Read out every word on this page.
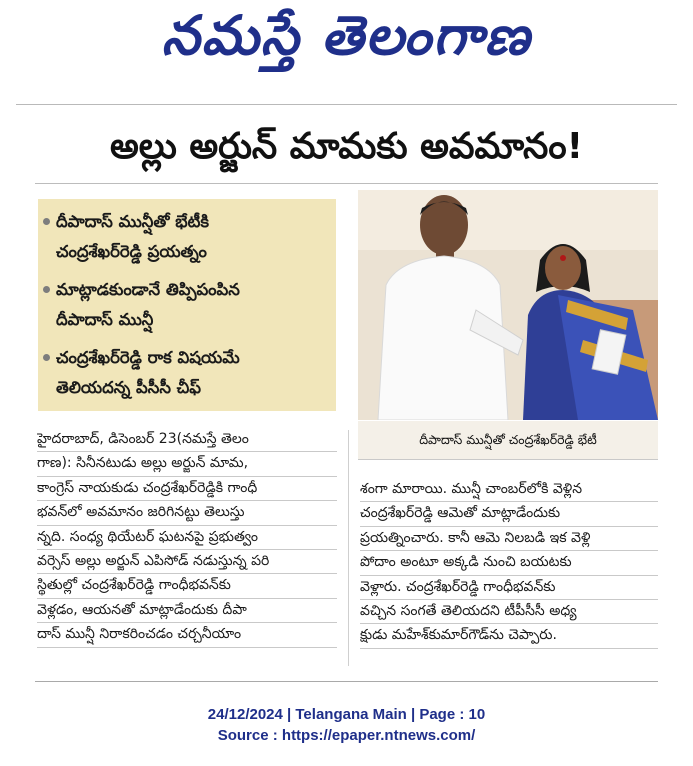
నమస్తే తెలంగాణ
అల్లు అర్జున్ మామకు అవమానం!
దీపాదాస్ మున్షీతో భేటీకి
చంద్రశేఖర్‌రెడ్డి ప్రయత్నం
మాట్లాడకుండానే తిప్పిపంపిన
దీపాదాస్ మున్షీ
చంద్రశేఖర్‌రెడ్డి రాక విషయమే
తెలియదన్న పీసీసీ చీఫ్
దీపాదాస్ మున్షీతో చంద్రశేఖర్‌రెడ్డి భేటీ
హైదరాబాద్, డిసెంబర్ 23(నమస్తే తెలం
గాణ): సినీనటుడు అల్లు అర్జున్ మామ,
కాంగ్రెస్ నాయకుడు చంద్రశేఖర్‌రెడ్డికి గాంధీ
భవన్‌లో అవమానం జరిగినట్టు తెలుస్తు
న్నది. సంధ్య థియేటర్ ఘటనపై ప్రభుత్వం
వర్సెస్ అల్లు అర్జున్ ఎపిసోడ్ నడుస్తున్న పరి
స్థితుల్లో చంద్రశేఖర్‌రెడ్డి గాంధీభవన్‌కు
వెళ్లడం, ఆయనతో మాట్లాడేందుకు దీపా
దాస్ మున్షీ నిరాకరించడం చర్చనీయాం
శంగా మారాయి. మున్షీ చాంబర్‌లోకి వెళ్లిన
చంద్రశేఖర్‌రెడ్డి ఆమెతో మాట్లాడేందుకు
ప్రయత్నించారు. కానీ ఆమె నిలబడి ఇక వెళ్లి
పోదాం అంటూ అక్కడి నుంచి బయటకు
వెళ్లారు. చంద్రశేఖర్‌రెడ్డి గాంధీభవన్‌కు
వచ్చిన సంగతే తెలియదని టీపీసీసీ అధ్య
క్షుడు మహేశ్‌కుమార్‌గౌడ్‌ను చెప్పారు.
24/12/2024 | Telangana Main | Page : 10
Source : https://epaper.ntnews.com/
